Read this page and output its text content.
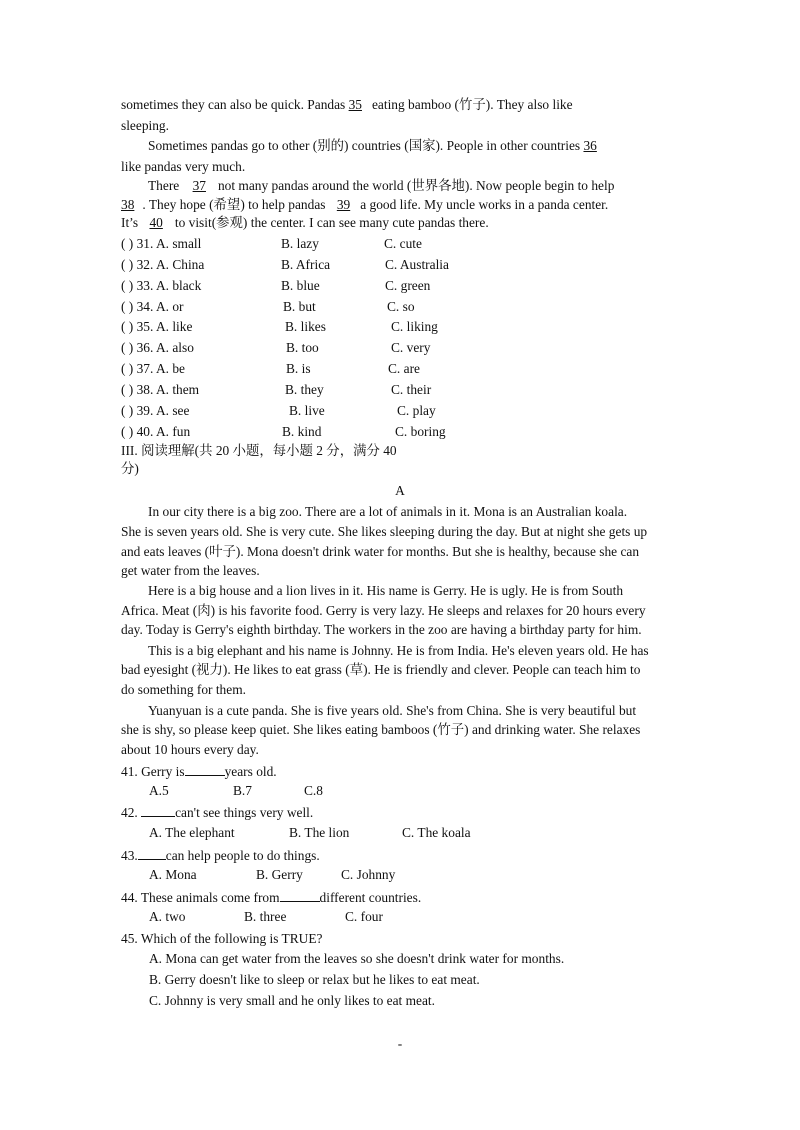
sometimes they can also be quick. Pandas 35 eating bamboo (竹子). They also like
sleeping.
Sometimes pandas go to other (别的) countries (国家). People in other countries 36
like pandas very much.
There 37 not many pandas around the world (世界各地). Now people begin to help
38 . They hope (希望) to help pandas 39 a good life. My uncle works in a panda center.
It’s 40 to visit(参观) the center. I can see many cute pandas there.
( ) 31. A. small	B. lazy	C. cute
( ) 32. A. China	B. Africa	C. Australia
( ) 33. A. black	B. blue	C. green
( ) 34. A. or	B. but	C. so
( ) 35. A. like	B. likes	C. liking
( ) 36. A. also	B. too	C. very
( ) 37. A. be	B. is	C. are
( ) 38. A. them	B. they	C. their
( ) 39. A. see	B. live	C. play
( ) 40. A. fun	B. kind	C. boring
III. 阅读理解(共 20 小题，每小题 2 分，满分 40
分)
A
In our city there is a big zoo. There are a lot of animals in it. Mona is an Australian koala.
She is seven years old. She is very cute. She likes sleeping during the day. But at night she gets up
and eats leaves (叶子). Mona doesn't drink water for months. But she is healthy, because she can
get water from the leaves.
Here is a big house and a lion lives in it. His name is Gerry. He is ugly. He is from South
Africa. Meat (肉) is his favorite food. Gerry is very lazy. He sleeps and relaxes for 20 hours every
day. Today is Gerry's eighth birthday. The workers in the zoo are having a birthday party for him.
This is a big elephant and his name is Johnny. He is from India. He's eleven years old. He has
bad eyesight (视力). He likes to eat grass (草). He is friendly and clever. People can teach him to
do something for them.
Yuanyuan is a cute panda. She is five years old. She's from China. She is very beautiful but
she is shy, so please keep quiet. She likes eating bamboos (竹子) and drinking water. She relaxes
about 10 hours every day.
41. Gerry is	years old.
A.5	B.7	C.8
42.	can't see things very well.
A. The elephant	B. The lion	C. The koala
43. can help people to do things.
A. Mona	B. Gerry	C. Johnny
44. These animals come from	different countries.
A. two	B. three	C. four
45. Which of the following is TRUE?
A. Mona can get water from the leaves so she doesn't drink water for months.
B. Gerry doesn't like to sleep or relax but he likes to eat meat.
C. Johnny is very small and he only likes to eat meat.
-
